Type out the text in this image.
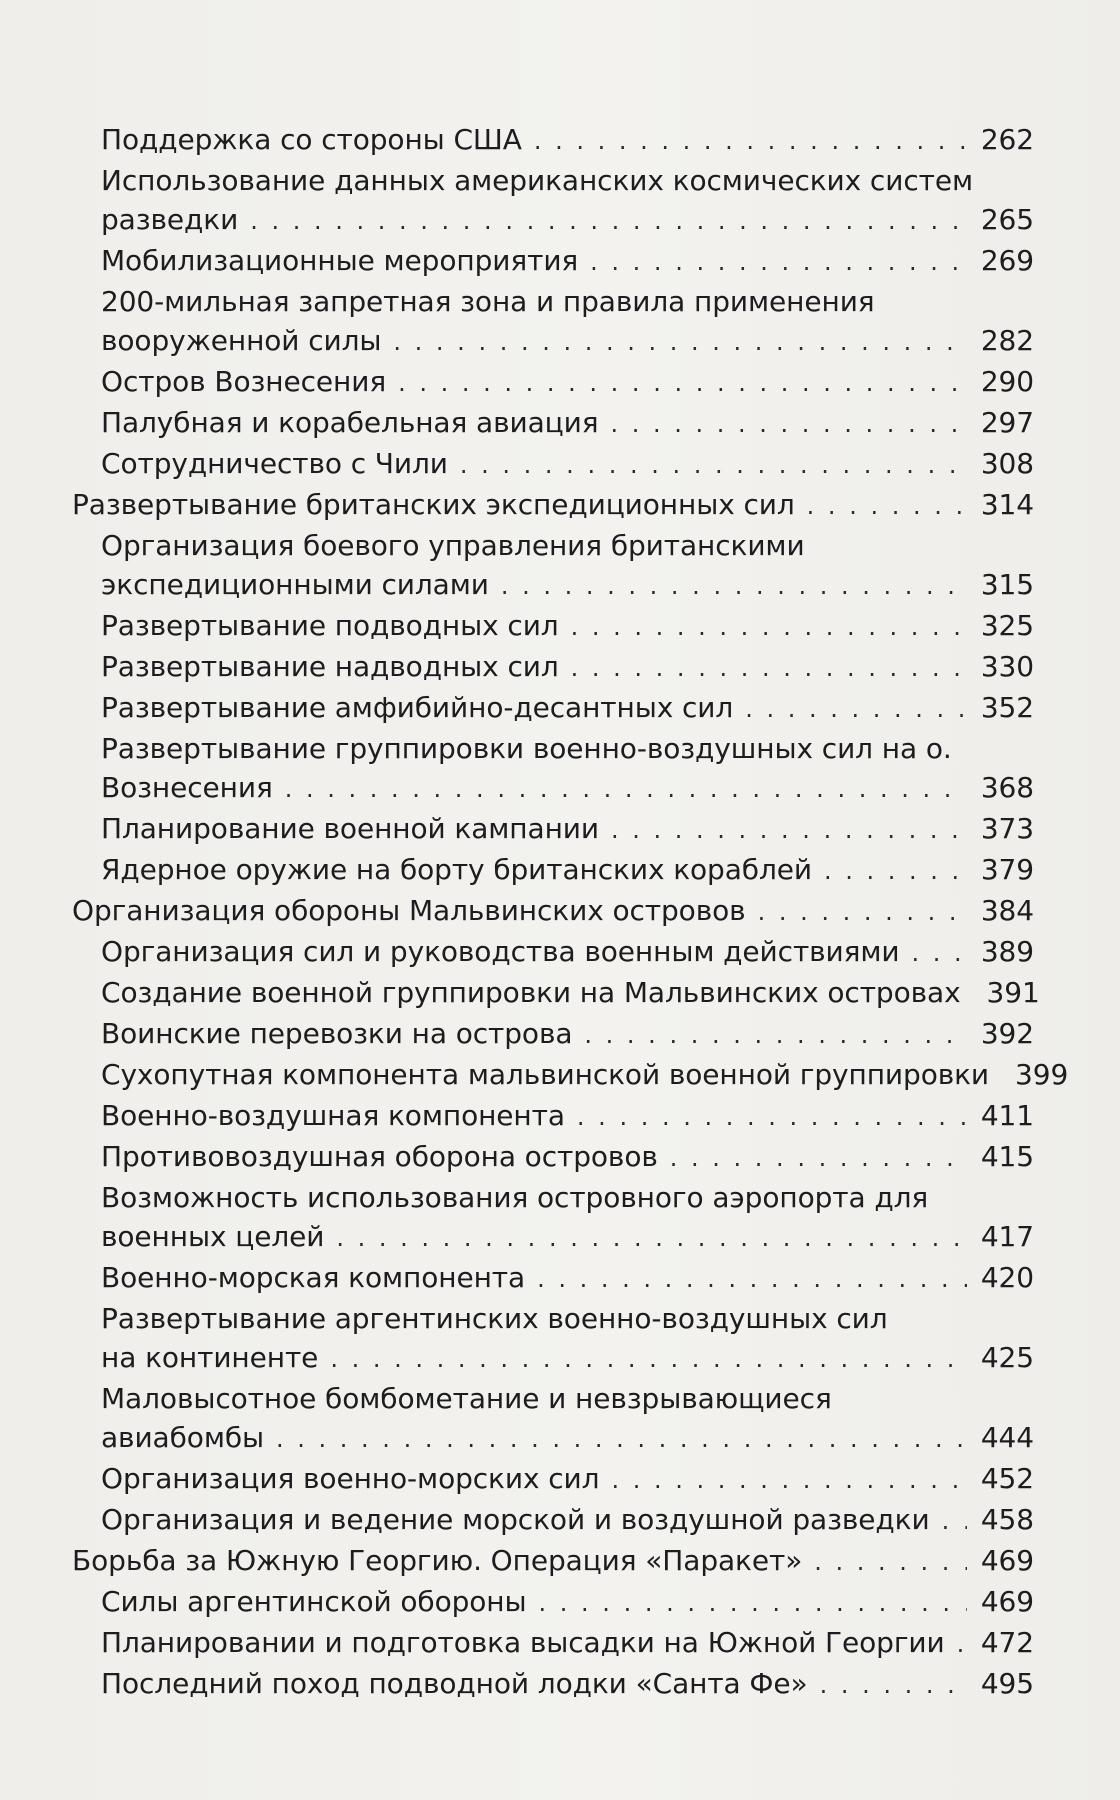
Поддержка со стороны США . . .	262
Использование данных американских космических систем
разведки . . .	265
Мобилизационные мероприятия . . .	269
200-мильная запретная зона и правила применения
вооруженной силы . . .	282
Остров Вознесения . . .	290
Палубная и корабельная авиация . . .	297
Сотрудничество с Чили . . .	308
Развертывание британских экспедиционных сил . . .	314
Организация боевого управления британскими
экспедиционными силами . . .	315
Развертывание подводных сил . . .	325
Развертывание надводных сил . . .	330
Развертывание амфибийно-десантных сил . . .	352
Развертывание группировки военно-воздушных сил на о.
Вознесения . . .	368
Планирование военной кампании . . .	373
Ядерное оружие на борту британских кораблей . . .	379
Организация обороны Мальвинских островов . . .	384
Организация сил и руководства военным действиями . . .	389
Создание военной группировки на Мальвинских островах 391
Воинские перевозки на острова . . .	392
Сухопутная компонента мальвинской военной группировки 399
Военно-воздушная компонента . . .	411
Противовоздушная оборона островов . . .	415
Возможность использования островного аэропорта для
военных целей . . .	417
Военно-морская компонента . . .	420
Развертывание аргентинских военно-воздушных сил
на континенте . . .	425
Маловысотное бомбометание и невзрывающиеся
авиабомбы . . .	444
Организация военно-морских сил . . .	452
Организация и ведение морской и воздушной разведки . . . 458
Борьба за Южную Георгию. Операция «Паракет» . . .	469
Силы аргентинской обороны . . .	469
Планировании и подготовка высадки на Южной Георгии . . . 472
Последний поход подводной лодки «Санта Фе» . . .	495
